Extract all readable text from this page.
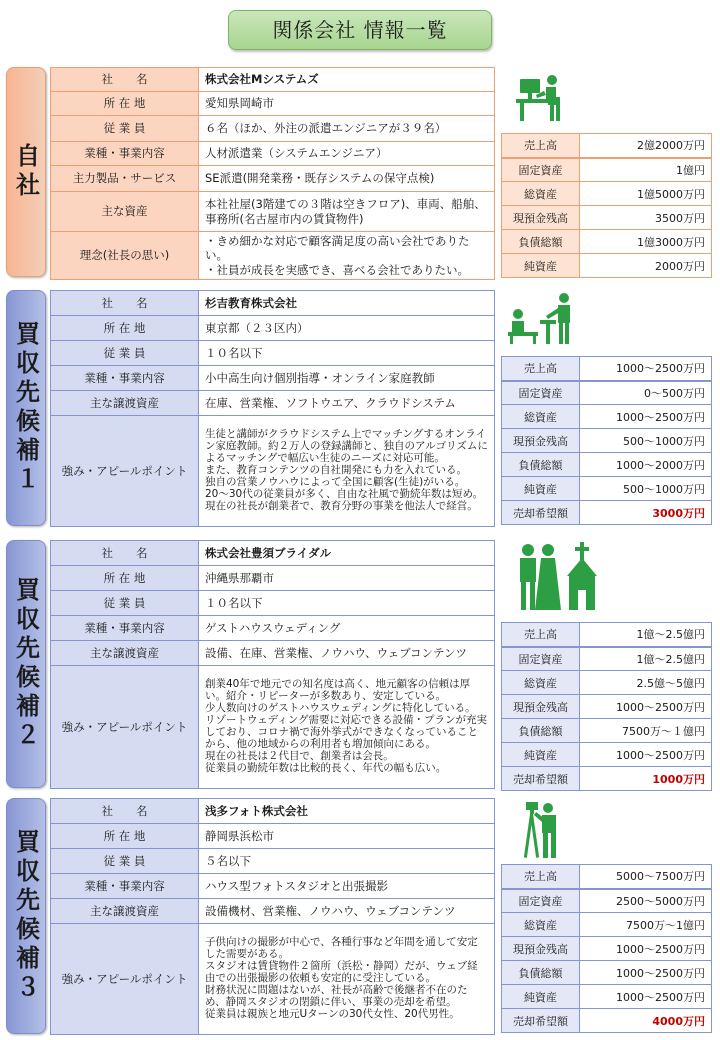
関係会社 情報一覧
自社
社　　名	株式会社Mシステムズ
所 在 地	愛知県岡崎市
従 業 員	６名（ほか、外注の派遣エンジニアが３９名）
業種・事業内容	人材派遣業（システムエンジニア）
主力製品・サービス	SE派遣(開発業務・既存システムの保守点検)
主な資産	本社社屋(3階建ての３階は空きフロア)、車両、船舶、事務所(名古屋市内の賃貸物件)
理念(社長の思い)	・きめ細かな対応で顧客満足度の高い会社でありたい。
・社員が成長を実感でき、喜べる会社でありたい。
売上高	2億2000万円
固定資産	1億円
総資産	1億5000万円
現預金残高	3500万円
負債総額	1億3000万円
純資産	2000万円
買収先候補１
社　　名	杉吉教育株式会社
所 在 地	東京都（２３区内）
従 業 員	１０名以下
業種・事業内容	小中高生向け個別指導・オンライン家庭教師
主な譲渡資産	在庫、営業権、ソフトウエア、クラウドシステム
強み・アピールポイント	生徒と講師がクラウドシステム上でマッチングするオンライン家庭教師。約２万人の登録講師と、独自のアルゴリズムによるマッチングで幅広い生徒のニーズに対応可能。
また、教育コンテンツの自社開発にも力を入れている。
独自の営業ノウハウによって全国に顧客(生徒)がいる。
20～30代の従業員が多く、自由な社風で勤続年数は短め。
現在の社長が創業者で、教育分野の事業を他法人で経営。
売上高	1000～2500万円
固定資産	0～500万円
総資産	1000～2500万円
現預金残高	500～1000万円
負債総額	1000～2000万円
純資産	500～1000万円
売却希望額	3000万円
買収先候補２
社　　名	株式会社豊須ブライダル
所 在 地	沖縄県那覇市
従 業 員	１０名以下
業種・事業内容	ゲストハウスウェディング
主な譲渡資産	設備、在庫、営業権、ノウハウ、ウェブコンテンツ
強み・アピールポイント	創業40年で地元での知名度は高く、地元顧客の信頼は厚い。紹介・リピーターが多数あり、安定している。
少人数向けのゲストハウスウェディングに特化している。
リゾートウェディング需要に対応できる設備・プランが充実しており、コロナ禍で海外挙式ができなくなっていることから、他の地域からの利用者も増加傾向にある。
現在の社長は２代目で、創業者は会長。
従業員の勤続年数は比較的長く、年代の幅も広い。
売上高	1億～2.5億円
固定資産	1億～2.5億円
総資産	2.5億～5億円
現預金残高	1000～2500万円
負債総額	7500万～１億円
純資産	1000～2500万円
売却希望額	1000万円
買収先候補３
社　　名	浅多フォト株式会社
所 在 地	静岡県浜松市
従 業 員	５名以下
業種・事業内容	ハウス型フォトスタジオと出張撮影
主な譲渡資産	設備機材、営業権、ノウハウ、ウェブコンテンツ
強み・アピールポイント	子供向けの撮影が中心で、各種行事など年間を通して安定した需要がある。
スタジオは賃貸物件２箇所（浜松・静岡）だが、ウェブ経由での出張撮影の依頼も安定的に受注している。
財務状況に問題はないが、社長が高齢で後継者不在のため、静岡スタジオの閉鎖に伴い、事業の売却を希望。
従業員は親族と地元Uターンの30代女性、20代男性。
売上高	5000～7500万円
固定資産	2500～5000万円
総資産	7500万～1億円
現預金残高	1000～2500万円
負債総額	1000～2500万円
純資産	1000～2500万円
売却希望額	4000万円
